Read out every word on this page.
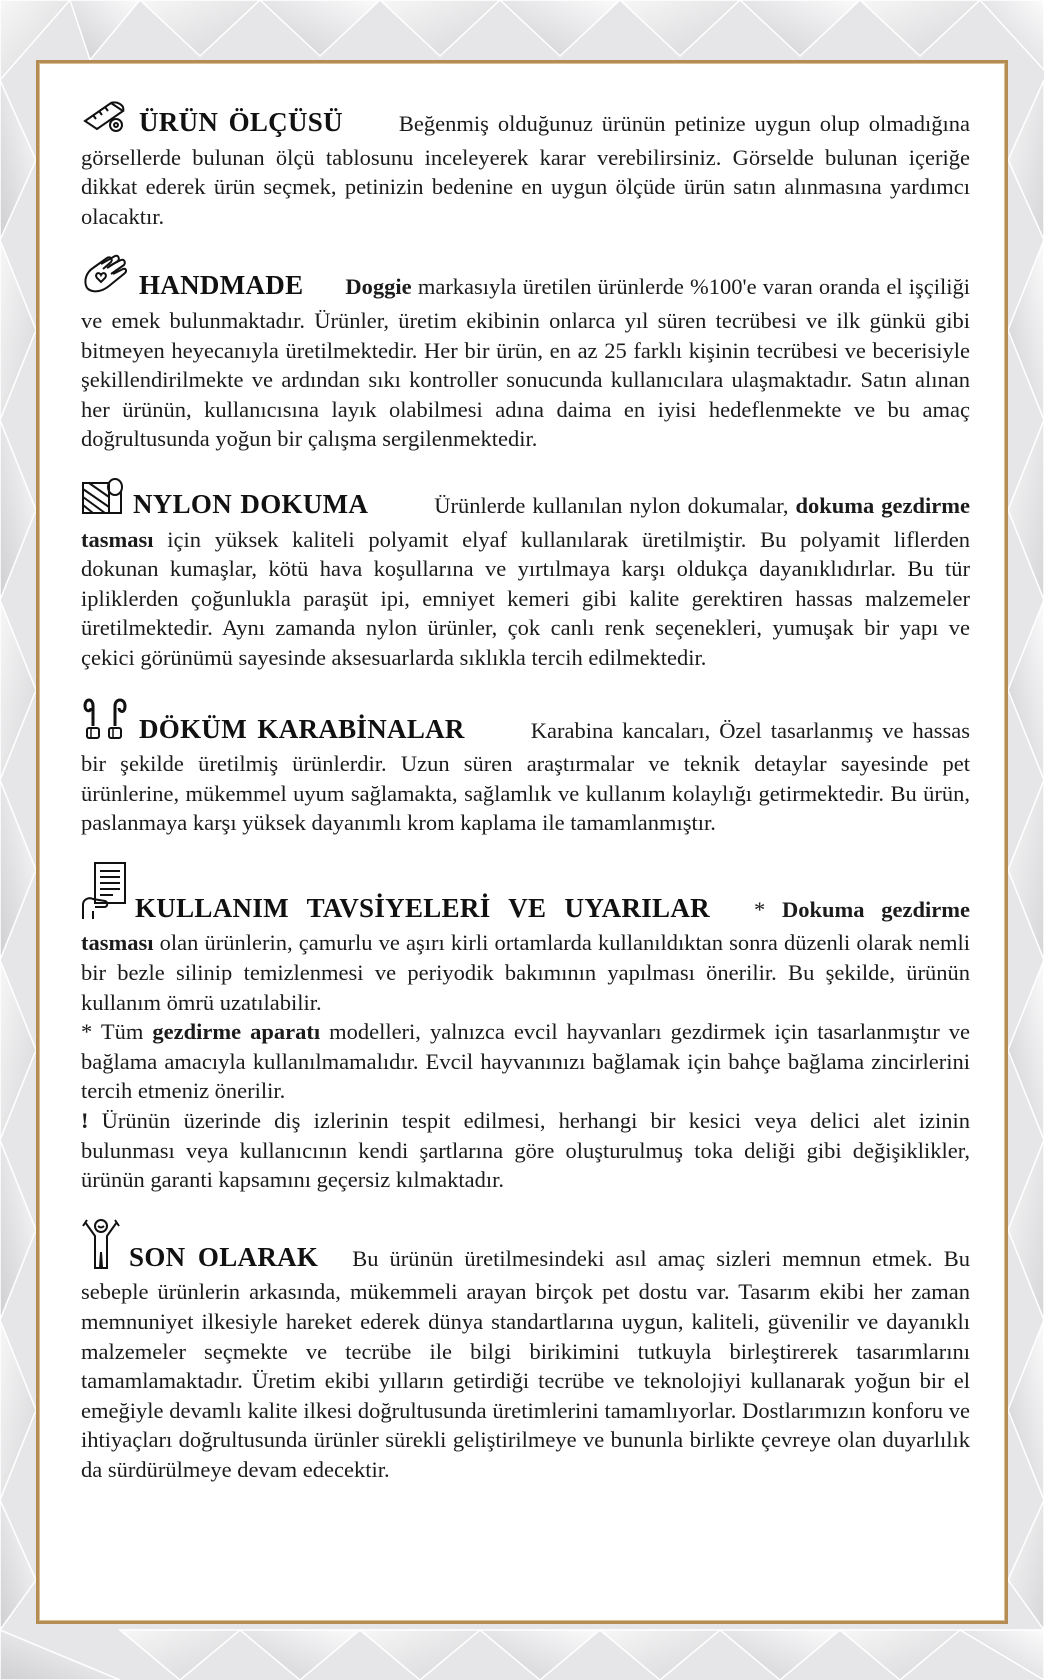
ÜRÜN ÖLÇÜSÜ Beğenmiş olduğunuz ürünün petinize uygun olup olmadığına görsellerde bulunan ölçü tablosunu inceleyerek karar verebilirsiniz. Görselde bulunan içeriğe dikkat ederek ürün seçmek, petinizin bedenine en uygun ölçüde ürün satın alınmasına yardımcı olacaktır.

HANDMADE Doggie markasıyla üretilen ürünlerde %100'e varan oranda el işçiliği ve emek bulunmaktadır. Ürünler, üretim ekibinin onlarca yıl süren tecrübesi ve ilk günkü gibi bitmeyen heyecanıyla üretilmektedir. Her bir ürün, en az 25 farklı kişinin tecrübesi ve becerisiyle şekillendirilmekte ve ardından sıkı kontroller sonucunda kullanıcılara ulaşmaktadır. Satın alınan her ürünün, kullanıcısına layık olabilmesi adına daima en iyisi hedeflenmekte ve bu amaç doğrultusunda yoğun bir çalışma sergilenmektedir.

NYLON DOKUMA	Ürünlerde kullanılan nylon dokumalar, dokuma gezdirme tasması için yüksek kaliteli polyamit elyaf kullanılarak üretilmiştir. Bu polyamit liflerden dokunan kumaşlar, kötü hava koşullarına ve yırtılmaya karşı oldukça dayanıklıdırlar. Bu tür ipliklerden çoğunlukla paraşüt ipi, emniyet kemeri gibi kalite gerektiren hassas malzemeler üretilmektedir. Aynı zamanda nylon ürünler, çok canlı renk seçenekleri, yumuşak bir yapı ve çekici görünümü sayesinde aksesuarlarda sıklıkla tercih edilmektedir.

DÖKÜM KARABİNALAR	Karabina kancaları, Özel tasarlanmış ve hassas bir şekilde üretilmiş ürünlerdir. Uzun süren araştırmalar ve teknik detaylar sayesinde pet ürünlerine, mükemmel uyum sağlamakta, sağlamlık ve kullanım kolaylığı getirmektedir. Bu ürün, paslanmaya karşı yüksek dayanımlı krom kaplama ile tamamlanmıştır.

KULLANIM TAVSİYELERİ VE UYARILAR * Dokuma gezdirme tasması olan ürünlerin, çamurlu ve aşırı kirli ortamlarda kullanıldıktan sonra düzenli olarak nemli bir bezle silinip temizlenmesi ve periyodik bakımının yapılması önerilir. Bu şekilde, ürünün kullanım ömrü uzatılabilir.

* Tüm gezdirme aparatı modelleri, yalnızca evcil hayvanları gezdirmek için tasarlanmıştır ve bağlama amacıyla kullanılmamalıdır. Evcil hayvanınızı bağlamak için bahçe bağlama zincirlerini tercih etmeniz önerilir.

! Ürünün üzerinde diş izlerinin tespit edilmesi, herhangi bir kesici veya delici alet izinin bulunması veya kullanıcının kendi şartlarına göre oluşturulmuş toka deliği gibi değişiklikler, ürünün garanti kapsamını geçersiz kılmaktadır.

SON OLARAK Bu ürünün üretilmesindeki asıl amaç sizleri memnun etmek. Bu sebeple ürünlerin arkasında, mükemmeli arayan birçok pet dostu var. Tasarım ekibi her zaman memnuniyet ilkesiyle hareket ederek dünya standartlarına uygun, kaliteli, güvenilir ve dayanıklı malzemeler seçmekte ve tecrübe ile bilgi birikimini tutkuyla birleştirerek tasarımlarını tamamlamaktadır. Üretim ekibi yılların getirdiği tecrübe ve teknolojiyi kullanarak yoğun bir el emeğiyle devamlı kalite ilkesi doğrultusunda üretimlerini tamamlıyorlar. Dostlarımızın konforu ve ihtiyaçları doğrultusunda ürünler sürekli geliştirilmeye ve bununla birlikte çevreye olan duyarlılık da sürdürülmeye devam edecektir.
